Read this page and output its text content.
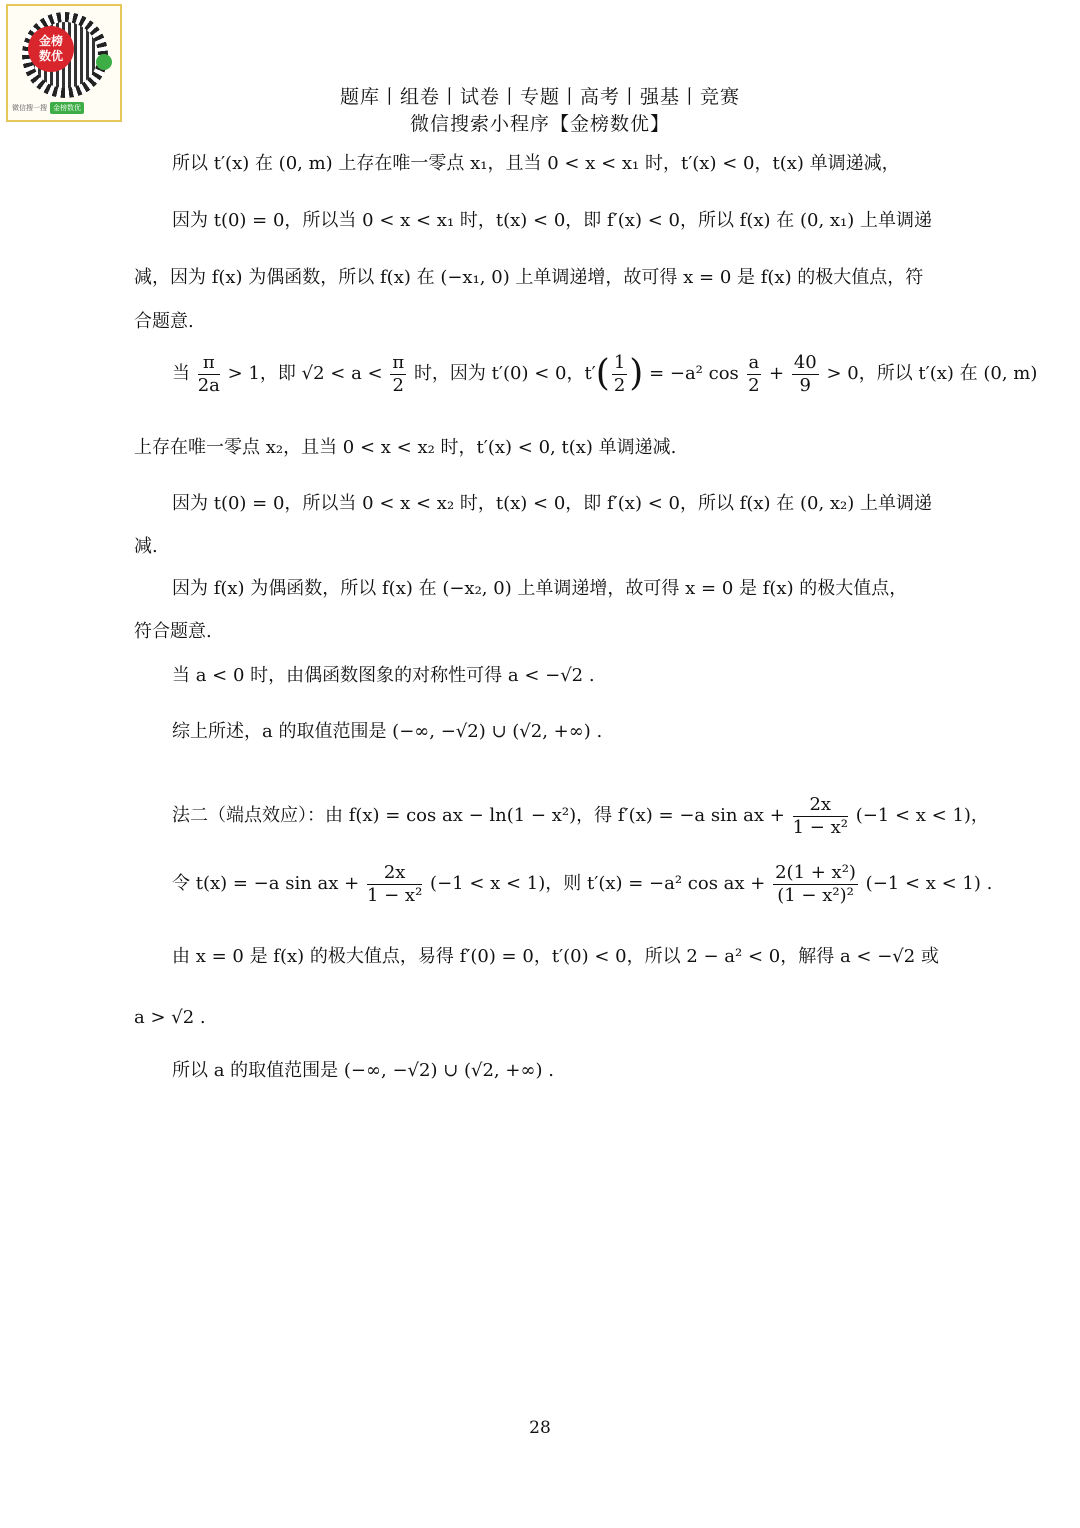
金榜
数优
微信搜一搜 金榜数优	题库丨组卷丨试卷丨专题丨高考丨强基丨竞赛
微信搜索小程序【金榜数优】
所以 t′(x) 在 (0, m) 上存在唯一零点 x₁，且当 0 < x < x₁ 时，t′(x) < 0，t(x) 单调递减，
因为 t(0) = 0，所以当 0 < x < x₁ 时，t(x) < 0，即 f′(x) < 0，所以 f(x) 在 (0, x₁) 上单调递
减，因为 f(x) 为偶函数，所以 f(x) 在 (−x₁, 0) 上单调递增，故可得 x = 0 是 f(x) 的极大值点，符
合题意.
当 $\frac{\pi}{2a} > 1$，即 $√2 < a < \frac{\pi}{2}$ 时，因为 t′(0) < 0，$t'( \frac{1}{2}$ ) = −a² $\cos \frac{a}{2} + \frac{40}{9} > 0$，所以 t′(x) 在 (0, m)
上存在唯一零点 x₂，且当 0 < x < x₂ 时，t′(x) < 0, t(x) 单调递减.
因为 t(0) = 0，所以当 0 < x < x₂ 时，t(x) < 0，即 f′(x) < 0，所以 f(x) 在 (0, x₂) 上单调递
减.
因为 f(x) 为偶函数，所以 f(x) 在 (−x₂, 0) 上单调递增，故可得 x = 0 是 f(x) 的极大值点，
符合题意.
当 a < 0 时，由偶函数图象的对称性可得 a < −√2 .
综上所述，a 的取值范围是 (−∞, −√2) ∪ (√2, +∞) .
法二（端点效应）：由 f(x) = cos ax − ln(1 − x²)，得 f′(x) = −a sin ax + $\frac{2x}{\text{1 − x²}} (-1 < x < 1)$，
令 t(x) = −a sin ax + $\frac{2x}{\text{1 − x²}} (-1 < x < 1)$，则 t′(x) = −a² cos ax + $\frac{\text{2(1 + x²)}}{\text{(1 − x²)²}} (-1 < x < 1)$ .
由 x = 0 是 f(x) 的极大值点，易得 f′(0) = 0，t′(0) < 0，所以 2 − a² < 0，解得 a < −√2 或
a > √2 .
所以 a 的取值范围是 (−∞, −√2) ∪ (√2, +∞) .
28
